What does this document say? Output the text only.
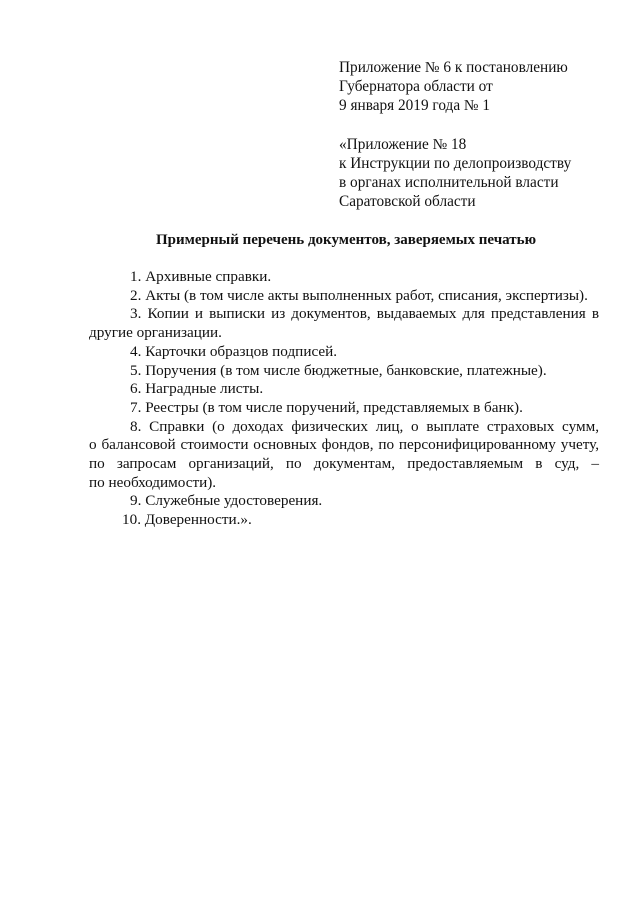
Приложение № 6 к постановлению
Губернатора области от
9 января 2019 года № 1
«Приложение № 18
к Инструкции по делопроизводству
в органах исполнительной власти
Саратовской области
Примерный перечень документов, заверяемых печатью
1. Архивные справки.
2. Акты (в том числе акты выполненных работ, списания, экспертизы).
3. Копии и выписки из документов, выдаваемых для представления в
другие организации.
4. Карточки образцов подписей.
5. Поручения (в том числе бюджетные, банковские, платежные).
6. Наградные листы.
7. Реестры (в том числе поручений, представляемых в банк).
8. Справки (о доходах физических лиц, о выплате страховых сумм,
о балансовой стоимости основных фондов, по персонифицированному учету,
по запросам организаций, по документам, предоставляемым в суд, –
по необходимости).
9. Служебные удостоверения.
10. Доверенности.».
